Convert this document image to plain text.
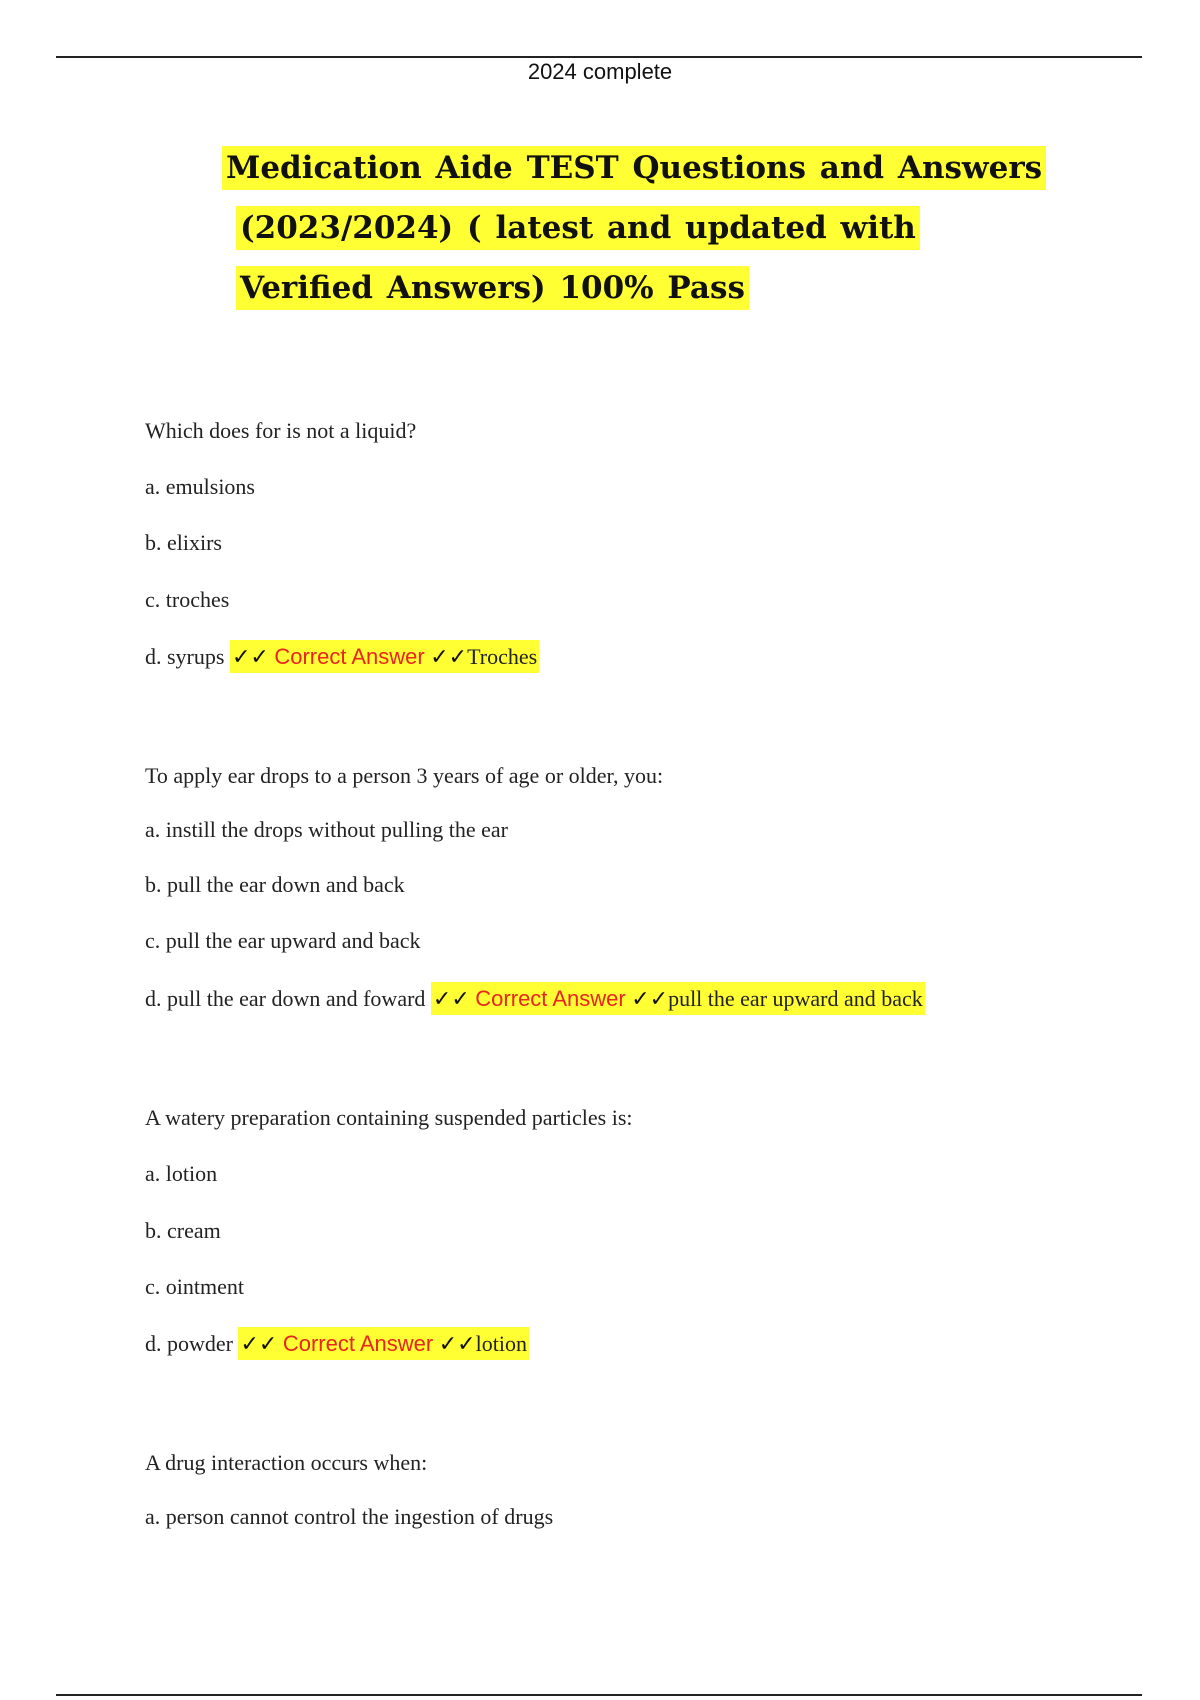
2024 complete
Medication Aide TEST Questions and Answers
(2023/2024) ( latest and updated with
Verified Answers) 100% Pass
Which does for is not a liquid?
a. emulsions
b. elixirs
c. troches
d. syrups ✓✓ Correct Answer ✓✓Troches
To apply ear drops to a person 3 years of age or older, you:
a. instill the drops without pulling the ear
b. pull the ear down and back
c. pull the ear upward and back
d. pull the ear down and foward ✓✓ Correct Answer ✓✓pull the ear upward and back
A watery preparation containing suspended particles is:
a. lotion
b. cream
c. ointment
d. powder ✓✓ Correct Answer ✓✓lotion
A drug interaction occurs when:
a. person cannot control the ingestion of drugs
